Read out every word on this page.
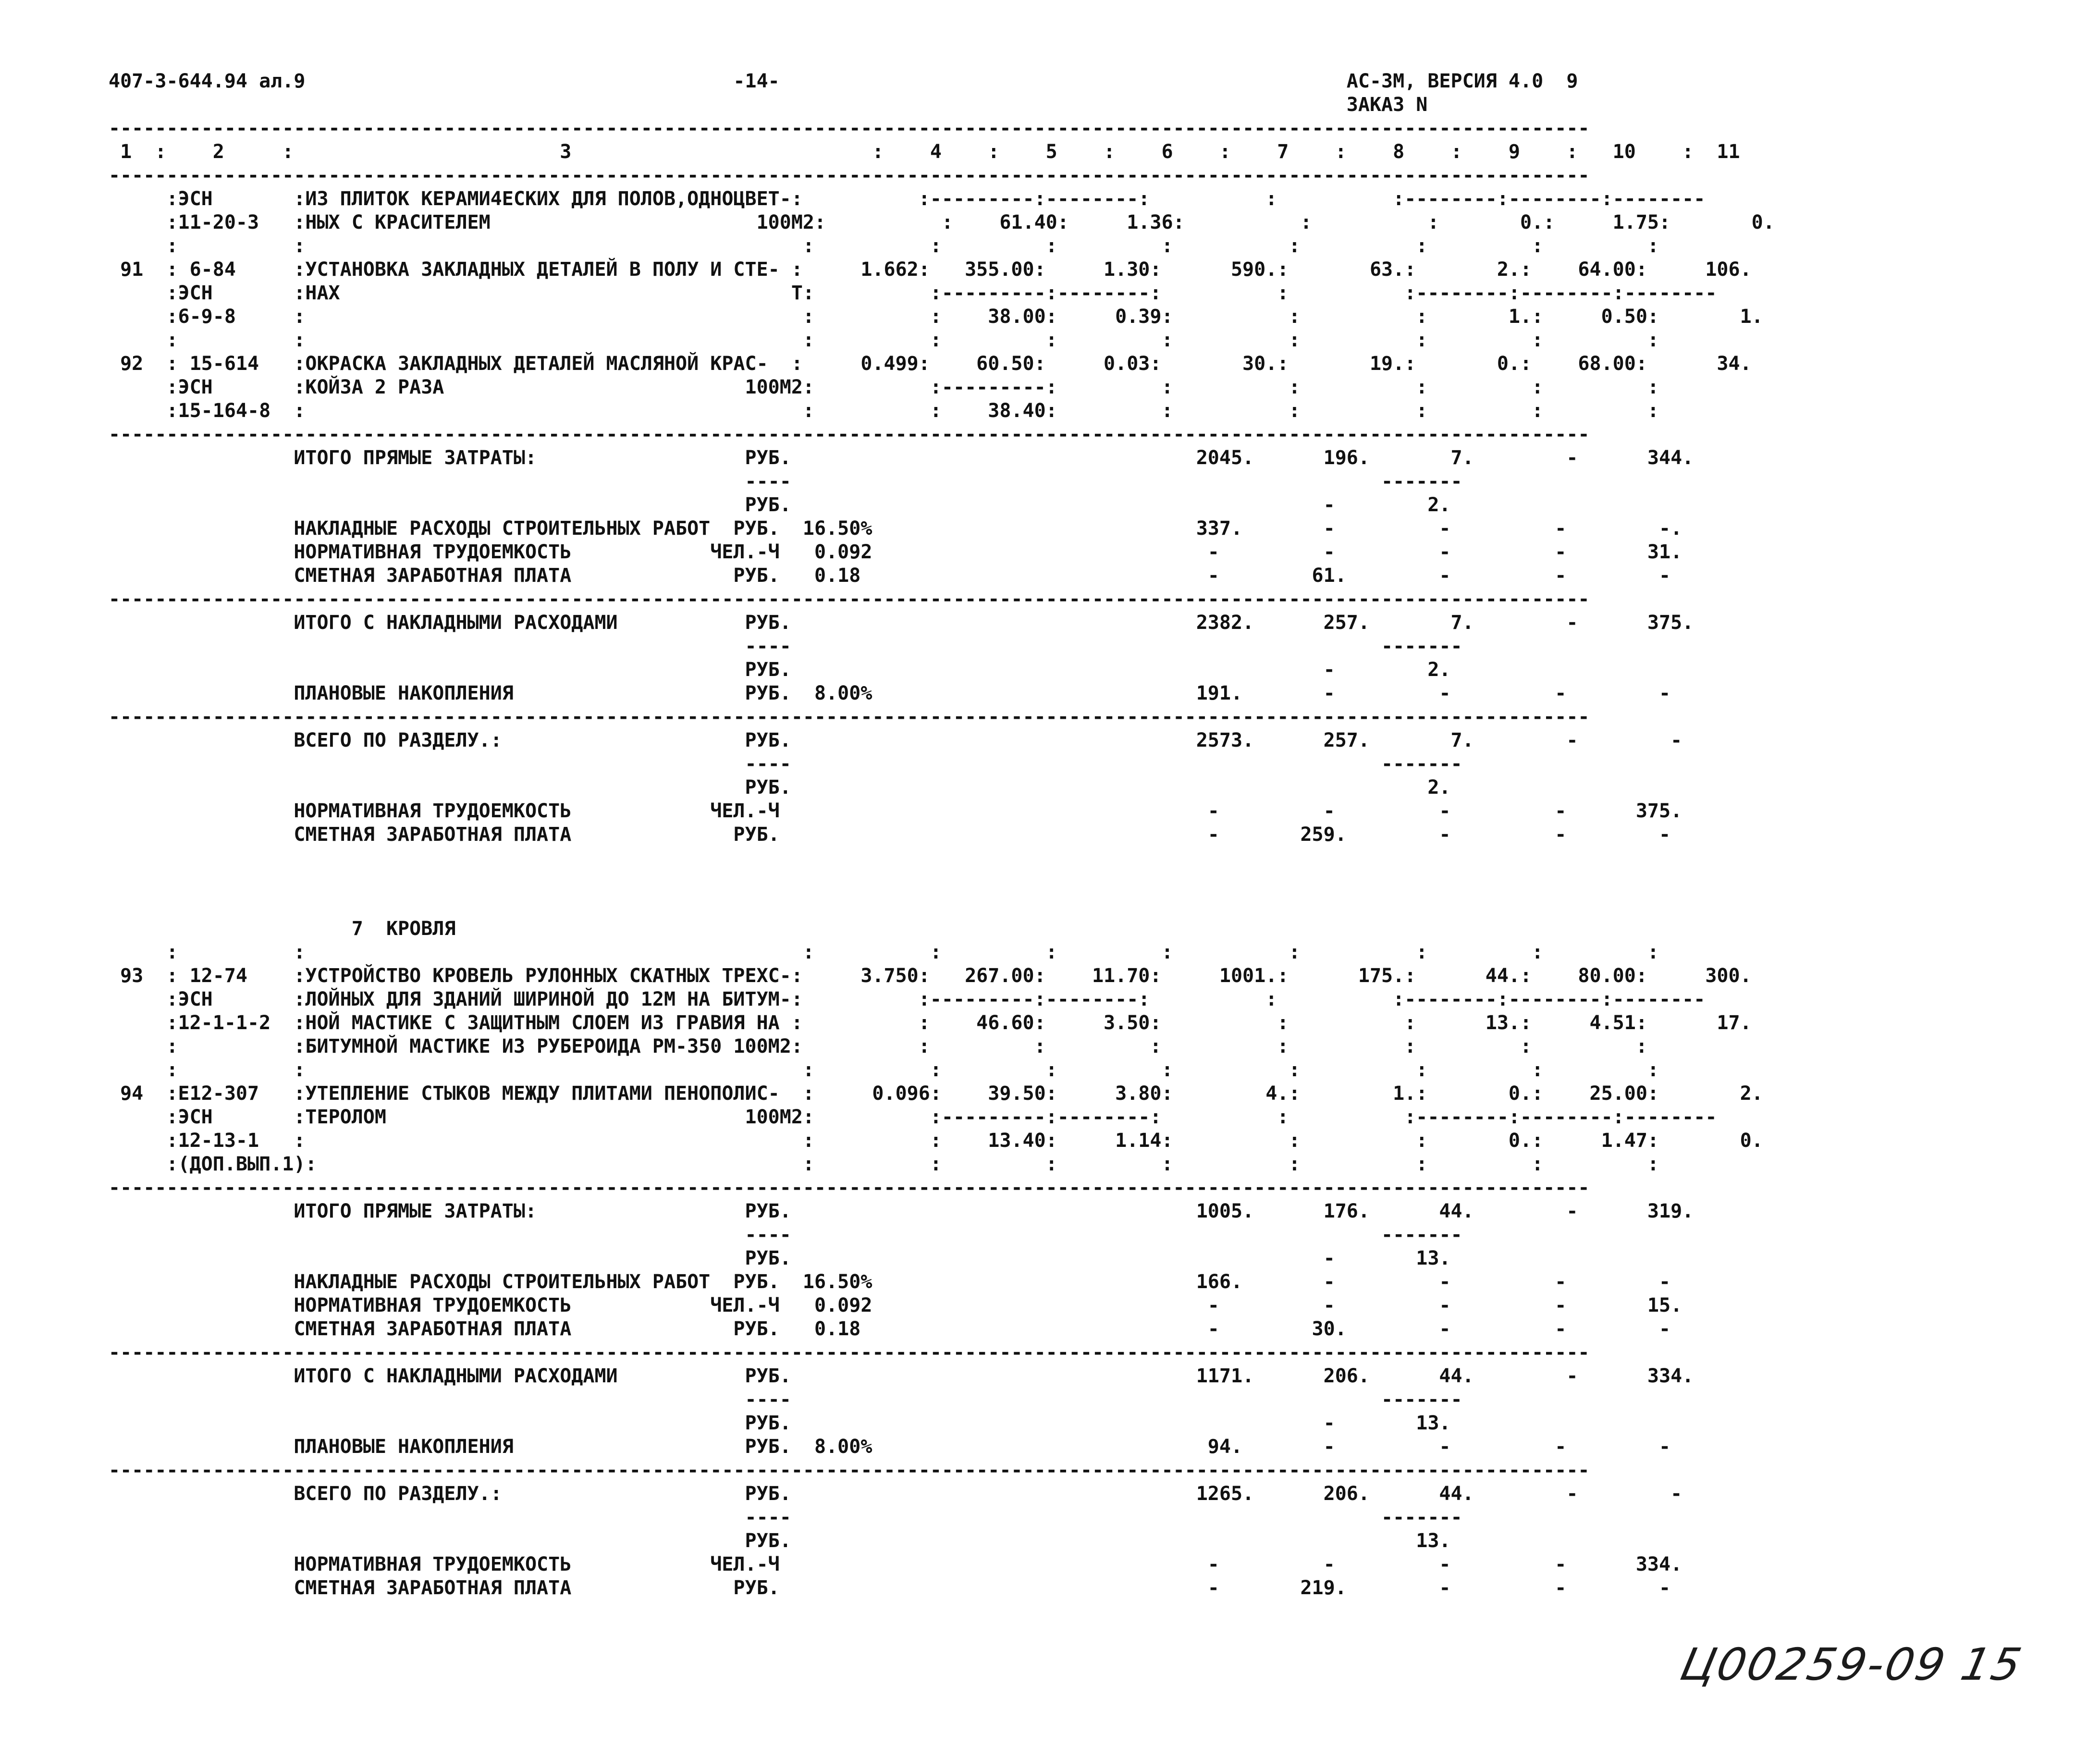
407-3-644.94 ал.9                                     -14-                                                 АС-ЗМ, ВЕРСИЯ 4.0  9
ЗАКАЗ N
--------------------------------------------------------------------------------------------------------------------------------
1  :    2     :                       3                          :    4    :    5    :    6    :    7    :    8    :    9    :   10    :  11
--------------------------------------------------------------------------------------------------------------------------------
:ЭСН       :ИЗ ПЛИТОК КЕРАМИ4ЕСКИХ ДЛЯ ПОЛОВ,ОДНОЦВЕТ-:          :---------:--------:          :          :--------:--------:--------
:11-20-3   :НЫХ С КРАСИТЕЛЕМ                       100М2:          :    61.40:     1.36:          :          :       0.:     1.75:       0.
:          :                                           :          :         :         :          :          :         :         :
91  : 6-84     :УСТАНОВКА ЗАКЛАДНЫХ ДЕТАЛЕЙ В ПОЛУ И СТЕ- :     1.662:   355.00:     1.30:      590.:       63.:       2.:    64.00:     106.
:ЭСН       :НАХ                                       Т:          :---------:--------:          :          :--------:--------:--------
:6-9-8     :                                           :          :    38.00:     0.39:          :          :       1.:     0.50:       1.
:          :                                           :          :         :         :          :          :         :         :
92  : 15-614   :ОКРАСКА ЗАКЛАДНЫХ ДЕТАЛЕЙ МАСЛЯНОЙ КРАС-  :     0.499:    60.50:     0.03:       30.:       19.:       0.:    68.00:      34.
:ЭСН       :КОЙЗА 2 РАЗА                          100М2:          :---------:         :          :          :         :         :
:15-164-8  :                                           :          :    38.40:         :          :          :         :         :
--------------------------------------------------------------------------------------------------------------------------------
ИТОГО ПРЯМЫЕ ЗАТРАТЫ:                  РУБ.                                   2045.      196.       7.        -      344.
----                                                   -------
РУБ.                                              -        2.
НАКЛАДНЫЕ РАСХОДЫ СТРОИТЕЛЬНЫХ РАБОТ  РУБ.  16.50%                            337.       -         -         -        -.
НОРМАТИВНАЯ ТРУДОЕМКОСТЬ            ЧЕЛ.-Ч   0.092                             -         -         -         -       31.
СМЕТНАЯ ЗАРАБОТНАЯ ПЛАТА              РУБ.   0.18                              -        61.        -         -        -
--------------------------------------------------------------------------------------------------------------------------------
ИТОГО С НАКЛАДНЫМИ РАСХОДАМИ           РУБ.                                   2382.      257.       7.        -      375.
----                                                   -------
РУБ.                                              -        2.
ПЛАНОВЫЕ НАКОПЛЕНИЯ                    РУБ.  8.00%                            191.       -         -         -        -
--------------------------------------------------------------------------------------------------------------------------------
ВСЕГО ПО РАЗДЕЛУ.:                     РУБ.                                   2573.      257.       7.        -        -
----                                                   -------
РУБ.                                                       2.
НОРМАТИВНАЯ ТРУДОЕМКОСТЬ            ЧЕЛ.-Ч                                     -         -         -         -      375.
СМЕТНАЯ ЗАРАБОТНАЯ ПЛАТА              РУБ.                                     -       259.        -         -        -
7  КРОВЛЯ
:          :                                           :          :         :         :          :          :         :         :
93  : 12-74    :УСТРОЙСТВО КРОВЕЛЬ РУЛОННЫХ СКАТНЫХ ТРЕХС-:     3.750:   267.00:    11.70:     1001.:      175.:      44.:    80.00:     300.
:ЭСН       :ЛОЙНЫХ ДЛЯ ЗДАНИЙ ШИРИНОЙ ДО 12М НА БИТУМ-:          :---------:--------:          :          :--------:--------:--------
:12-1-1-2  :НОЙ МАСТИКЕ С ЗАЩИТНЫМ СЛОЕМ ИЗ ГРАВИЯ НА :          :    46.60:     3.50:          :          :      13.:     4.51:      17.
:          :БИТУМНОЙ МАСТИКЕ ИЗ РУБЕРОИДА РМ-350 100М2:          :         :         :          :          :         :         :
:          :                                           :          :         :         :          :          :         :         :
94  :Е12-307   :УТЕПЛЕНИЕ СТЫКОВ МЕЖДУ ПЛИТАМИ ПЕНОПОЛИС-  :     0.096:    39.50:     3.80:        4.:        1.:       0.:    25.00:       2.
:ЭСН       :ТЕРОЛОМ                               100М2:          :---------:--------:          :          :--------:--------:--------
:12-13-1   :                                           :          :    13.40:     1.14:          :          :       0.:     1.47:       0.
:(ДОП.ВЫП.1):                                          :          :         :         :          :          :         :         :
--------------------------------------------------------------------------------------------------------------------------------
ИТОГО ПРЯМЫЕ ЗАТРАТЫ:                  РУБ.                                   1005.      176.      44.        -      319.
----                                                   -------
РУБ.                                              -       13.
НАКЛАДНЫЕ РАСХОДЫ СТРОИТЕЛЬНЫХ РАБОТ  РУБ.  16.50%                            166.       -         -         -        -
НОРМАТИВНАЯ ТРУДОЕМКОСТЬ            ЧЕЛ.-Ч   0.092                             -         -         -         -       15.
СМЕТНАЯ ЗАРАБОТНАЯ ПЛАТА              РУБ.   0.18                              -        30.        -         -        -
--------------------------------------------------------------------------------------------------------------------------------
ИТОГО С НАКЛАДНЫМИ РАСХОДАМИ           РУБ.                                   1171.      206.      44.        -      334.
----                                                   -------
РУБ.                                              -       13.
ПЛАНОВЫЕ НАКОПЛЕНИЯ                    РУБ.  8.00%                             94.       -         -         -        -
--------------------------------------------------------------------------------------------------------------------------------
ВСЕГО ПО РАЗДЕЛУ.:                     РУБ.                                   1265.      206.      44.        -        -
----                                                   -------
РУБ.                                                      13.
НОРМАТИВНАЯ ТРУДОЕМКОСТЬ            ЧЕЛ.-Ч                                     -         -         -         -      334.
СМЕТНАЯ ЗАРАБОТНАЯ ПЛАТА              РУБ.                                     -       219.        -         -        -
Ц00259-09 15
